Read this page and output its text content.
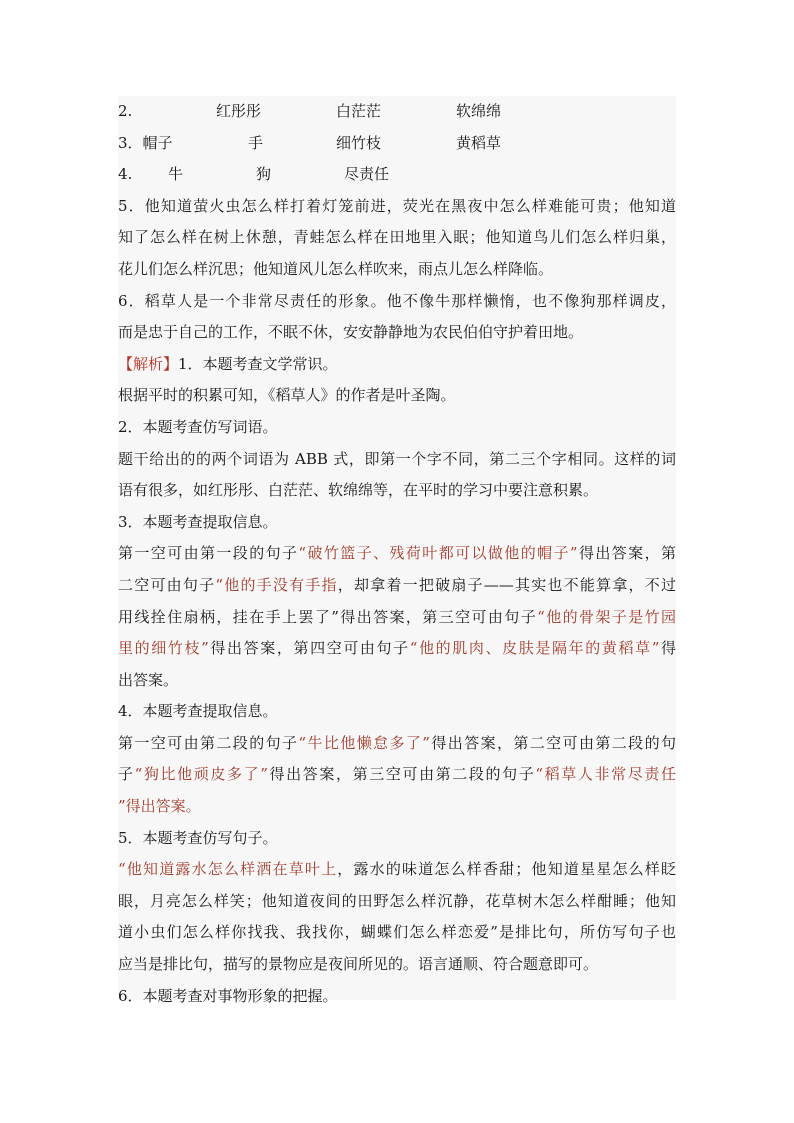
2.	红彤彤	白茫茫	软绵绵
3．帽子	手	细竹枝	黄稻草
4. 牛	狗	尽责任
5．他知道萤火虫怎么样打着灯笼前进，荧光在黑夜中怎么样难能可贵；他知道
知了怎么样在树上休憩，青蛙怎么样在田地里入眠；他知道鸟儿们怎么样归巢，
花儿们怎么样沉思；他知道风儿怎么样吹来，雨点儿怎么样降临。
6．稻草人是一个非常尽责任的形象。他不像牛那样懒惰，也不像狗那样调皮，
而是忠于自己的工作，不眠不休，安安静静地为农民伯伯守护着田地。
【解析】1．本题考查文学常识。
根据平时的积累可知，《稻草人》的作者是叶圣陶。
2．本题考查仿写词语。
题干给出的的两个词语为 ABB 式，即第一个字不同，第二三个字相同。这样的词
语有很多，如红彤彤、白茫茫、软绵绵等，在平时的学习中要注意积累。
3．本题考查提取信息。
第一空可由第一段的句子“破竹篮子、残荷叶都可以做他的帽子”得出答案，第
二空可由句子“他的手没有手指，却拿着一把破扇子——其实也不能算拿，不过
用线拴住扇柄，挂在手上罢了”得出答案，第三空可由句子“他的骨架子是竹园
里的细竹枝”得出答案，第四空可由句子“他的肌肉、皮肤是隔年的黄稻草”得
出答案。
4．本题考查提取信息。
第一空可由第二段的句子“牛比他懒怠多了”得出答案，第二空可由第二段的句
子“狗比他顽皮多了”得出答案，第三空可由第二段的句子“稻草人非常尽责任
”得出答案。
5．本题考查仿写句子。
“他知道露水怎么样洒在草叶上，露水的味道怎么样香甜；他知道星星怎么样眨
眼，月亮怎么样笑；他知道夜间的田野怎么样沉静，花草树木怎么样酣睡；他知
道小虫们怎么样你找我、我找你，蝴蝶们怎么样恋爱”是排比句，所仿写句子也
应当是排比句，描写的景物应是夜间所见的。语言通顺、符合题意即可。
6．本题考查对事物形象的把握。
